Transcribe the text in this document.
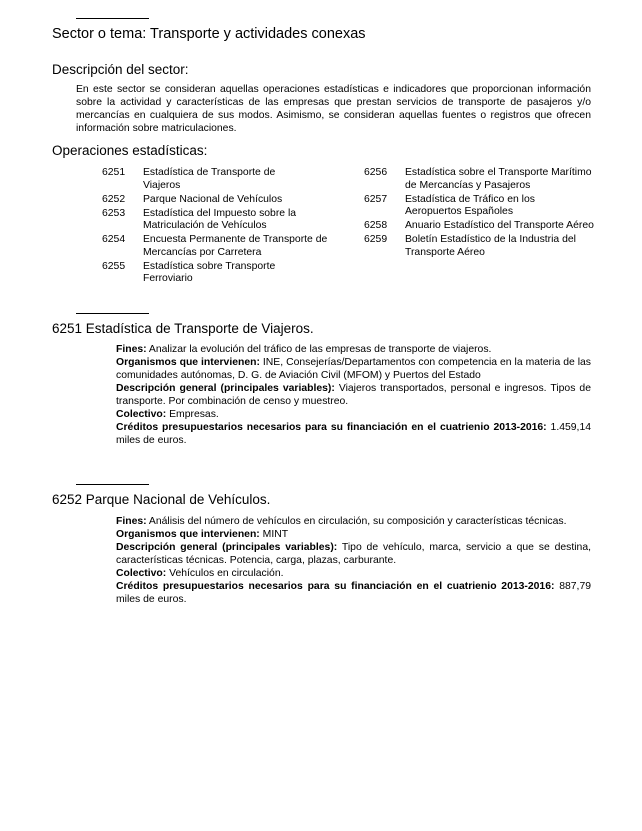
Sector o tema: Transporte y actividades conexas
Descripción del sector:
En este sector se consideran aquellas operaciones estadísticas e indicadores que proporcionan información sobre la actividad y características de las empresas que prestan servicios de transporte de pasajeros y/o mercancías en cualquiera de sus modos. Asimismo, se consideran aquellas fuentes o registros que ofrecen información sobre matriculaciones.
Operaciones estadísticas:
6251	Estadística de Transporte de Viajeros
6252	Parque Nacional de Vehículos
6253	Estadística del Impuesto sobre la Matriculación de Vehículos
6254	Encuesta Permanente de Transporte de Mercancías por Carretera
6255	Estadística sobre Transporte Ferroviario
6256	Estadística sobre el Transporte Marítimo de Mercancías y Pasajeros
6257	Estadística de Tráfico en los Aeropuertos Españoles
6258	Anuario Estadístico del Transporte Aéreo
6259	Boletín Estadístico de la Industria del Transporte Aéreo
6251 Estadística de Transporte de Viajeros.
Fines: Analizar la evolución del tráfico de las empresas de transporte de viajeros.
Organismos que intervienen: INE, Consejerías/Departamentos con competencia en la materia de las comunidades autónomas, D. G. de Aviación Civil (MFOM) y Puertos del Estado
Descripción general (principales variables): Viajeros transportados, personal e ingresos. Tipos de transporte. Por combinación de censo y muestreo.
Colectivo: Empresas.
Créditos presupuestarios necesarios para su financiación en el cuatrienio 2013-2016: 1.459,14 miles de euros.
6252 Parque Nacional de Vehículos.
Fines: Análisis del número de vehículos en circulación, su composición y características técnicas.
Organismos que intervienen: MINT
Descripción general (principales variables): Tipo de vehículo, marca, servicio a que se destina, características técnicas. Potencia, carga, plazas, carburante.
Colectivo: Vehículos en circulación.
Créditos presupuestarios necesarios para su financiación en el cuatrienio 2013-2016: 887,79 miles de euros.
